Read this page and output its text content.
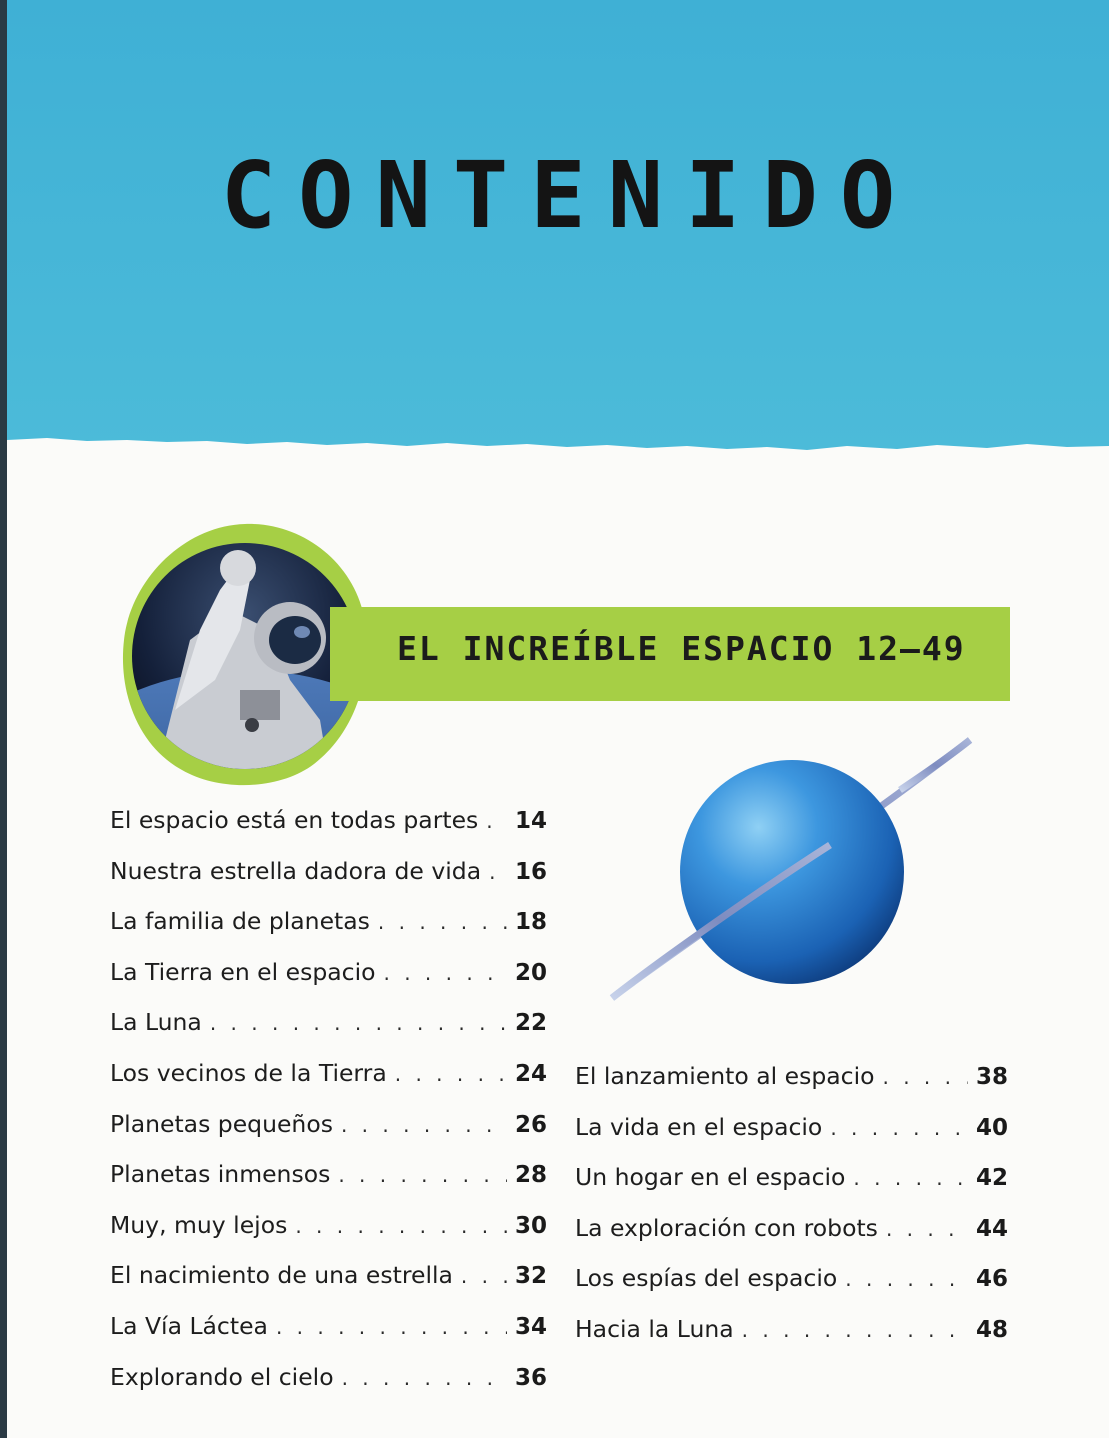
CONTENIDO
EL INCREÍBLE ESPACIO 12–49
El espacio está en todas partes . . . 14
Nuestra estrella dadora de vida . . . 16
La familia de planetas . . .	18
La Tierra en el espacio . . .	20
La Luna . . .	22
Los vecinos de la Tierra . . .	24
Planetas pequeños . . .	26
Planetas inmensos . . .	28
Muy, muy lejos . . .	30
El nacimiento de una estrella . . .	32
La Vía Láctea . . .	34
Explorando el cielo . . .	36
El lanzamiento al espacio . . .	38
La vida en el espacio . . .	40
Un hogar en el espacio . . .	42
La exploración con robots . . .	44
Los espías del espacio . . .	46
Hacia la Luna . . .	48
